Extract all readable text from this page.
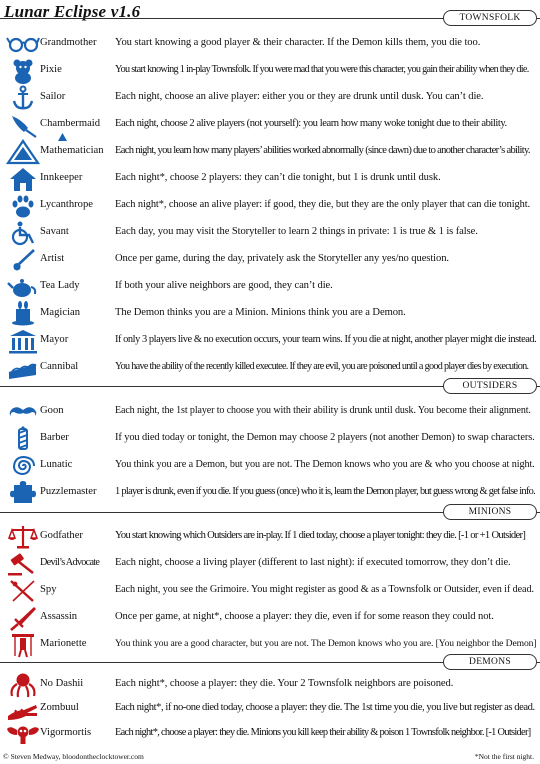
Lunar Eclipse v1.6	TOWNSFOLK
Grandmother You start knowing a good player & their character. If the Demon kills them, you die too.
Pixie	You start knowing 1 in-play Townsfolk. If you were mad that you were this character, you gain their ability when they die.
Sailor	Each night, choose an alive player: either you or they are drunk until dusk. You can’t die.
Chambermaid Each night, choose 2 alive players (not yourself): you learn how many woke tonight due to their ability.
Mathematician Each night, you learn how many players’ abilities worked abnormally (since dawn) due to another character’s ability.
Innkeeper	Each night*, choose 2 players: they can’t die tonight, but 1 is drunk until dusk.
Lycanthrope Each night*, choose an alive player: if good, they die, but they are the only player that can die tonight.
Savant	Each day, you may visit the Storyteller to learn 2 things in private: 1 is true & 1 is false.
Artist	Once per game, during the day, privately ask the Storyteller any yes/no question.
Tea Lady	If both your alive neighbors are good, they can’t die.
Magician	The Demon thinks you are a Minion. Minions think you are a Demon.
Mayor	If only 3 players live & no execution occurs, your team wins. If you die at night, another player might die instead.
Cannibal	You have the ability of the recently killed executee. If they are evil, you are poisoned until a good player dies by execution.
OUTSIDERS
Goon	Each night, the 1st player to choose you with their ability is drunk until dusk. You become their alignment.
Barber	If you died today or tonight, the Demon may choose 2 players (not another Demon) to swap characters.
Lunatic	You think you are a Demon, but you are not. The Demon knows who you are & who you choose at night.
Puzzlemaster 1 player is drunk, even if you die. If you guess (once) who it is, learn the Demon player, but guess wrong & get false info.
MINIONS
Godfather	You start knowing which Outsiders are in-play. If 1 died today, choose a player tonight: they die. [-1 or +1 Outsider]
Devil’s Advocate Each night, choose a living player (different to last night): if executed tomorrow, they don’t die.
Spy	Each night, you see the Grimoire. You might register as good & as a Townsfolk or Outsider, even if dead.
Assassin	Once per game, at night*, choose a player: they die, even if for some reason they could not.
Marionette	You think you are a good character, but you are not. The Demon knows who you are. [You neighbor the Demon]
DEMONS
No Dashii	Each night*, choose a player: they die. Your 2 Townsfolk neighbors are poisoned.
Zombuul	Each night*, if no-one died today, choose a player: they die. The 1st time you die, you live but register as dead.
Vigormortis Each night*, choose a player: they die. Minions you kill keep their ability & poison 1 Townsfolk neighbor. [-1 Outsider]
© Steven Medway, bloodontheclocktower.com	*Not the first night.
